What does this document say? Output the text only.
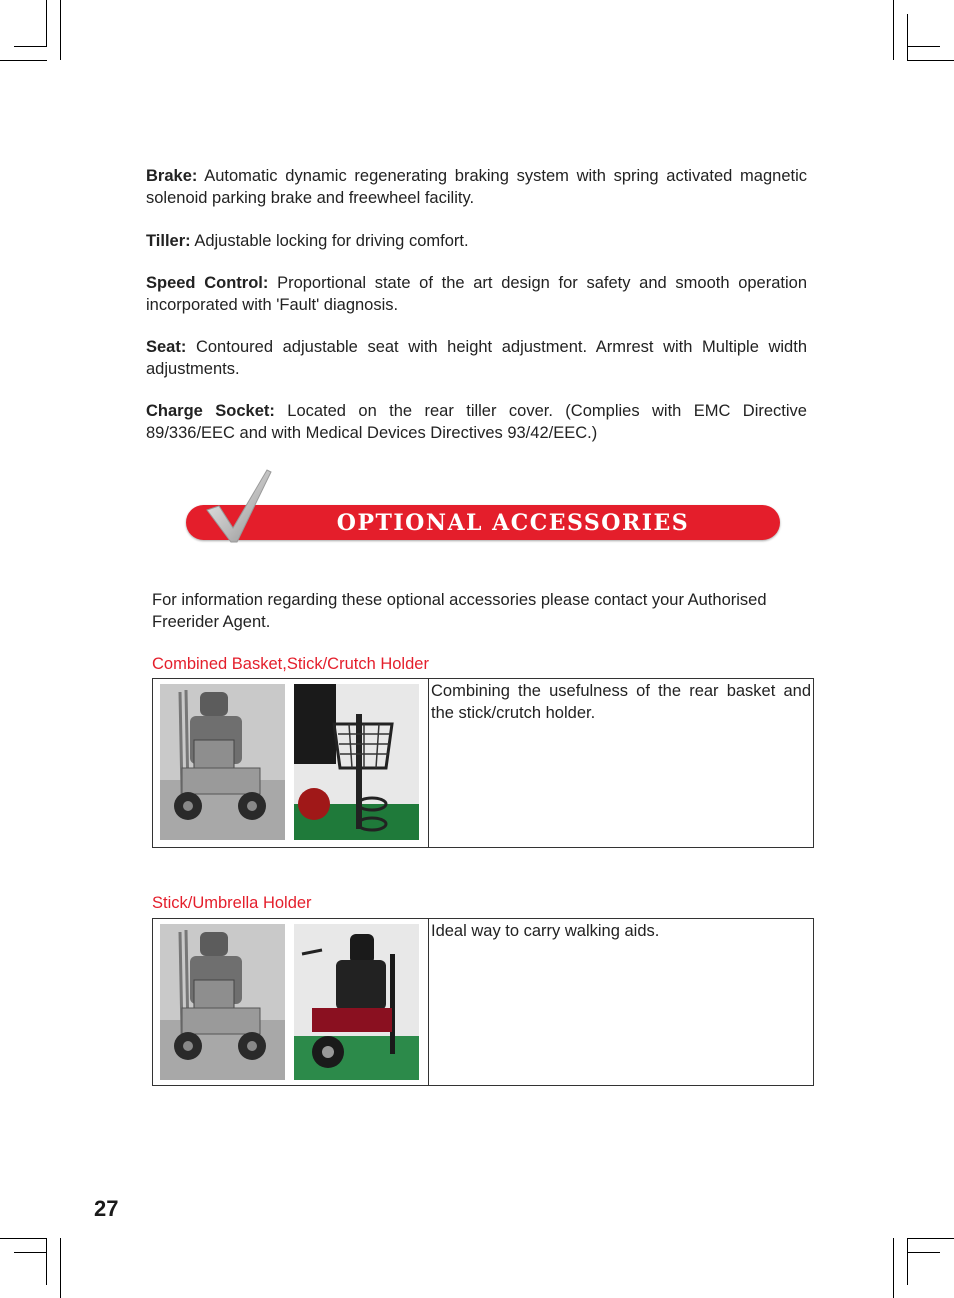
Brake: Automatic dynamic regenerating braking system with spring activated magnetic solenoid parking brake and freewheel facility.

Tiller: Adjustable locking for driving comfort.

Speed Control: Proportional state of the art design for safety and smooth operation incorporated with 'Fault' diagnosis.

Seat: Contoured adjustable seat with height adjustment. Armrest with Multiple width adjustments.

Charge Socket: Located on the rear tiller cover. (Complies with EMC Directive 89/336/EEC and with Medical Devices Directives 93/42/EEC.)

OPTIONAL ACCESSORIES

For information regarding these optional accessories please contact your Authorised Freerider Agent.

Combined Basket,Stick/Crutch Holder

Combining the usefulness of the rear basket and the stick/crutch holder.

Stick/Umbrella Holder

Ideal way to carry walking aids.
27
